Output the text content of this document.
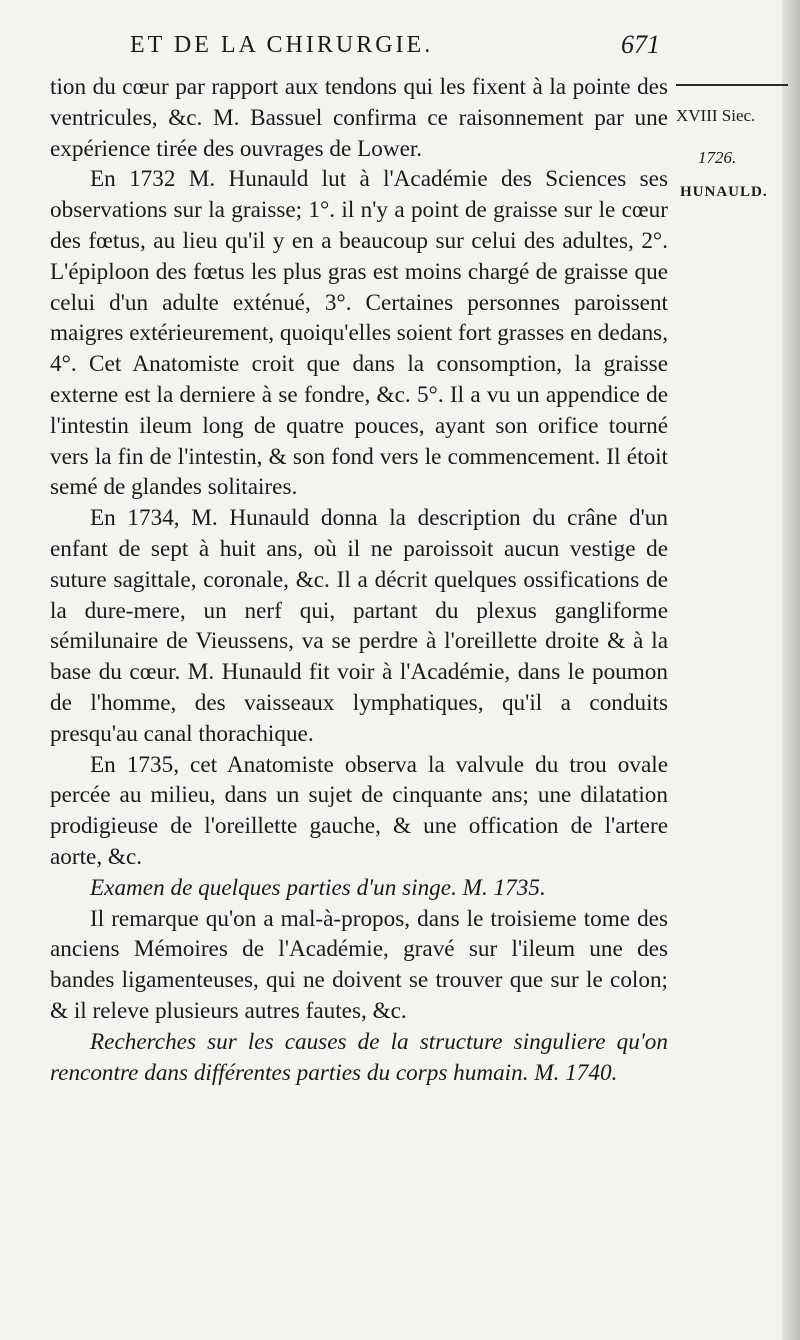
ET DE LA CHIRURGIE.	671
XVIII Siec.
1726.
HUNAULD.

tion du cœur par rapport aux tendons qui les fixent à la pointe des ventricules, &c. M. Bassuel confirma ce raisonnement par une expérience tirée des ouvrages de Lower.

En 1732 M. Hunauld lut à l'Académie des Sciences ses observations sur la graisse; 1°. il n'y a point de graisse sur le cœur des fœtus, au lieu qu'il y en a beaucoup sur celui des adultes, 2°. L'épiploon des fœtus les plus gras est moins chargé de graisse que celui d'un adulte exténué, 3°. Certaines personnes paroissent maigres extérieurement, quoiqu'elles soient fort grasses en dedans, 4°. Cet Anatomiste croit que dans la consomption, la graisse externe est la derniere à se fondre, &c. 5°. Il a vu un appendice de l'intestin ileum long de quatre pouces, ayant son orifice tourné vers la fin de l'intestin, & son fond vers le commencement. Il étoit semé de glandes solitaires.

En 1734, M. Hunauld donna la description du crâne d'un enfant de sept à huit ans, où il ne paroissoit aucun vestige de suture sagittale, coronale, &c. Il a décrit quelques ossifications de la dure-mere, un nerf qui, partant du plexus gangliforme sémilunaire de Vieussens, va se perdre à l'oreillette droite & à la base du cœur. M. Hunauld fit voir à l'Académie, dans le poumon de l'homme, des vaisseaux lymphatiques, qu'il a conduits presqu'au canal thorachique.

En 1735, cet Anatomiste observa la valvule du trou ovale percée au milieu, dans un sujet de cinquante ans; une dilatation prodigieuse de l'oreillette gauche, & une offication de l'artere aorte, &c.

Examen de quelques parties d'un singe. M. 1735.

Il remarque qu'on a mal-à-propos, dans le troisieme tome des anciens Mémoires de l'Académie, gravé sur l'ileum une des bandes ligamenteuses, qui ne doivent se trouver que sur le colon; & il releve plusieurs autres fautes, &c.

Recherches sur les causes de la structure singuliere qu'on rencontre dans différentes parties du corps humain. M. 1740.
